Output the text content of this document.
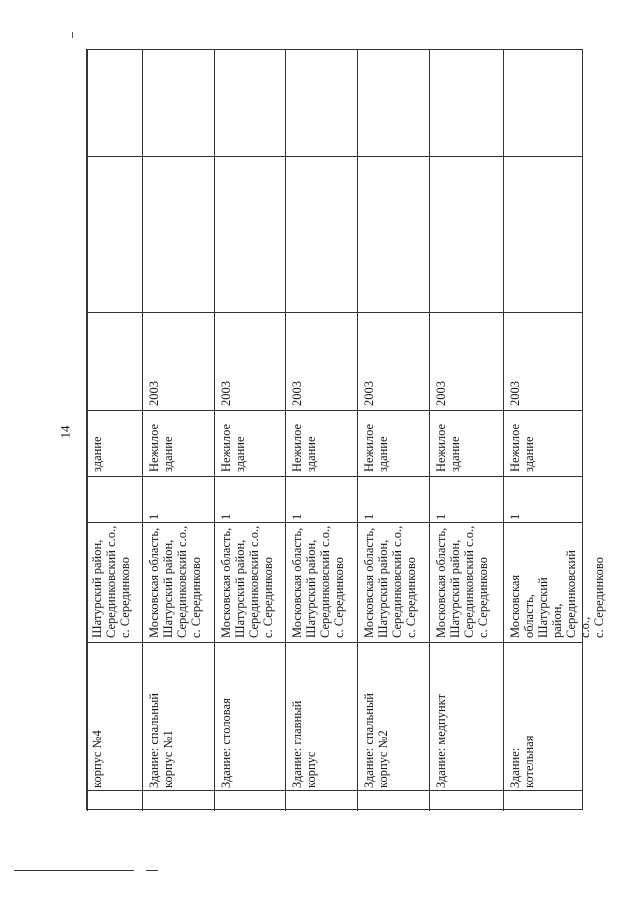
14
корпус №4
Шатурский район,
Серединковский с.о.,
с. Серединково
здание
Здание: спальный
корпус №1
Московская область,
Шатурский район,
Серединковский с.о.,
с. Серединково
1
Нежилое
здание
2003
Здание: столовая
Московская область,
Шатурский район,
Серединковский с.о.,
с. Серединково
1
Нежилое
здание
2003
Здание: главный
корпус
Московская область,
Шатурский район,
Серединковский с.о.,
с. Серединково
1
Нежилое
здание
2003
Здание: спальный
корпус №2
Московская область,
Шатурский район,
Серединковский с.о.,
с. Серединково
1
Нежилое
здание
2003
Здание: медпункт
Московская область,
Шатурский район,
Серединковский с.о.,
с. Серединково
1
Нежилое
здание
2003
Здание: котельная
Московская область,
Шатурский район,
Серединковский с.о.,
с. Серединково
1
Нежилое
здание
2003
